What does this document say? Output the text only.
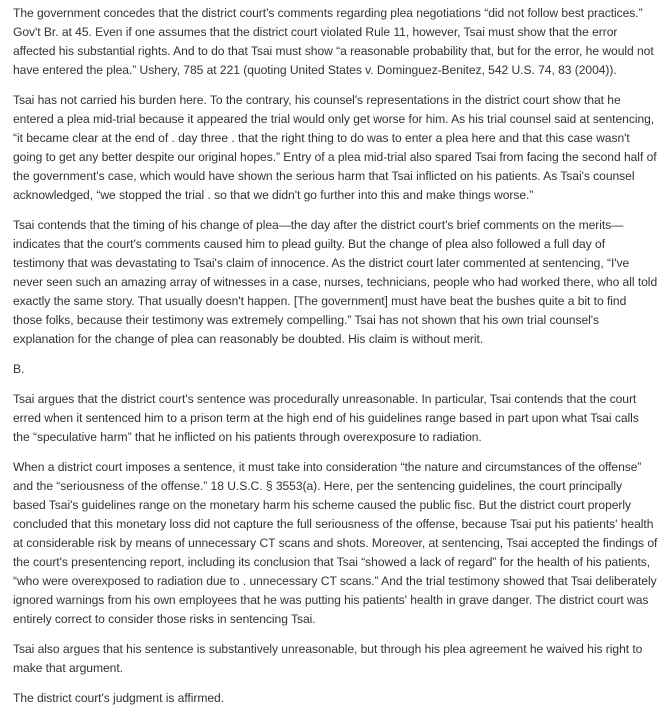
The government concedes that the district court's comments regarding plea negotiations “did not follow best practices.” Gov't Br. at 45. Even if one assumes that the district court violated Rule 11, however, Tsai must show that the error affected his substantial rights. And to do that Tsai must show “a reasonable probability that, but for the error, he would not have entered the plea.” Ushery, 785 at 221 (quoting United States v. Dominguez-Benitez, 542 U.S. 74, 83 (2004)).

Tsai has not carried his burden here. To the contrary, his counsel's representations in the district court show that he entered a plea mid-trial because it appeared the trial would only get worse for him. As his trial counsel said at sentencing, “it became clear at the end of . day three . that the right thing to do was to enter a plea here and that this case wasn't going to get any better despite our original hopes.” Entry of a plea mid-trial also spared Tsai from facing the second half of the government's case, which would have shown the serious harm that Tsai inflicted on his patients. As Tsai's counsel acknowledged, “we stopped the trial . so that we didn't go further into this and make things worse.”

Tsai contends that the timing of his change of plea—the day after the district court's brief comments on the merits—indicates that the court's comments caused him to plead guilty. But the change of plea also followed a full day of testimony that was devastating to Tsai's claim of innocence. As the district court later commented at sentencing, “I've never seen such an amazing array of witnesses in a case, nurses, technicians, people who had worked there, who all told exactly the same story. That usually doesn't happen. [The government] must have beat the bushes quite a bit to find those folks, because their testimony was extremely compelling.” Tsai has not shown that his own trial counsel's explanation for the change of plea can reasonably be doubted. His claim is without merit.

B.

Tsai argues that the district court's sentence was procedurally unreasonable. In particular, Tsai contends that the court erred when it sentenced him to a prison term at the high end of his guidelines range based in part upon what Tsai calls the “speculative harm” that he inflicted on his patients through overexposure to radiation.

When a district court imposes a sentence, it must take into consideration “the nature and circumstances of the offense” and the “seriousness of the offense.” 18 U.S.C. § 3553(a). Here, per the sentencing guidelines, the court principally based Tsai's guidelines range on the monetary harm his scheme caused the public fisc. But the district court properly concluded that this monetary loss did not capture the full seriousness of the offense, because Tsai put his patients' health at considerable risk by means of unnecessary CT scans and shots. Moreover, at sentencing, Tsai accepted the findings of the court's presentencing report, including its conclusion that Tsai “showed a lack of regard” for the health of his patients, “who were overexposed to radiation due to . unnecessary CT scans.” And the trial testimony showed that Tsai deliberately ignored warnings from his own employees that he was putting his patients' health in grave danger. The district court was entirely correct to consider those risks in sentencing Tsai.

Tsai also argues that his sentence is substantively unreasonable, but through his plea agreement he waived his right to make that argument.

The district court's judgment is affirmed.
